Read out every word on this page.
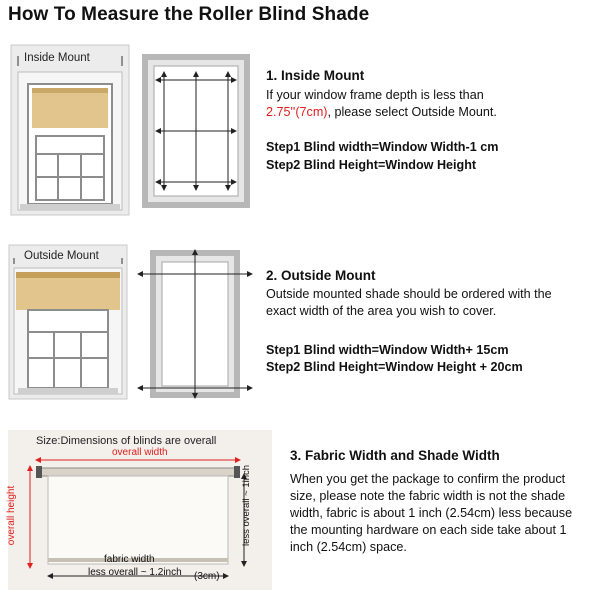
How To Measure the Roller Blind Shade
Inside Mount
1. Inside Mount
If your window frame depth is less than
2.75''(7cm), please select Outside Mount.
Step1 Blind width=Window Width-1 cm
Step2 Blind Height=Window Height
Outside Mount
2. Outside Mount
Outside mounted shade should be ordered with the exact width of the area you wish to cover.
Step1 Blind width=Window Width+ 15cm
Step2 Blind Height=Window Height + 20cm
Size:Dimensions of blinds are overall
overall width
overall height
fabric width
less overall ~ 1.2inch (3cm)
less overall ~ 1inch
3. Fabric Width and Shade Width
When you get the package to confirm the product size, please note the fabric width is not the shade width, fabric is about 1 inch (2.54cm) less because the mounting hardware on each side take about 1 inch (2.54cm) space.
